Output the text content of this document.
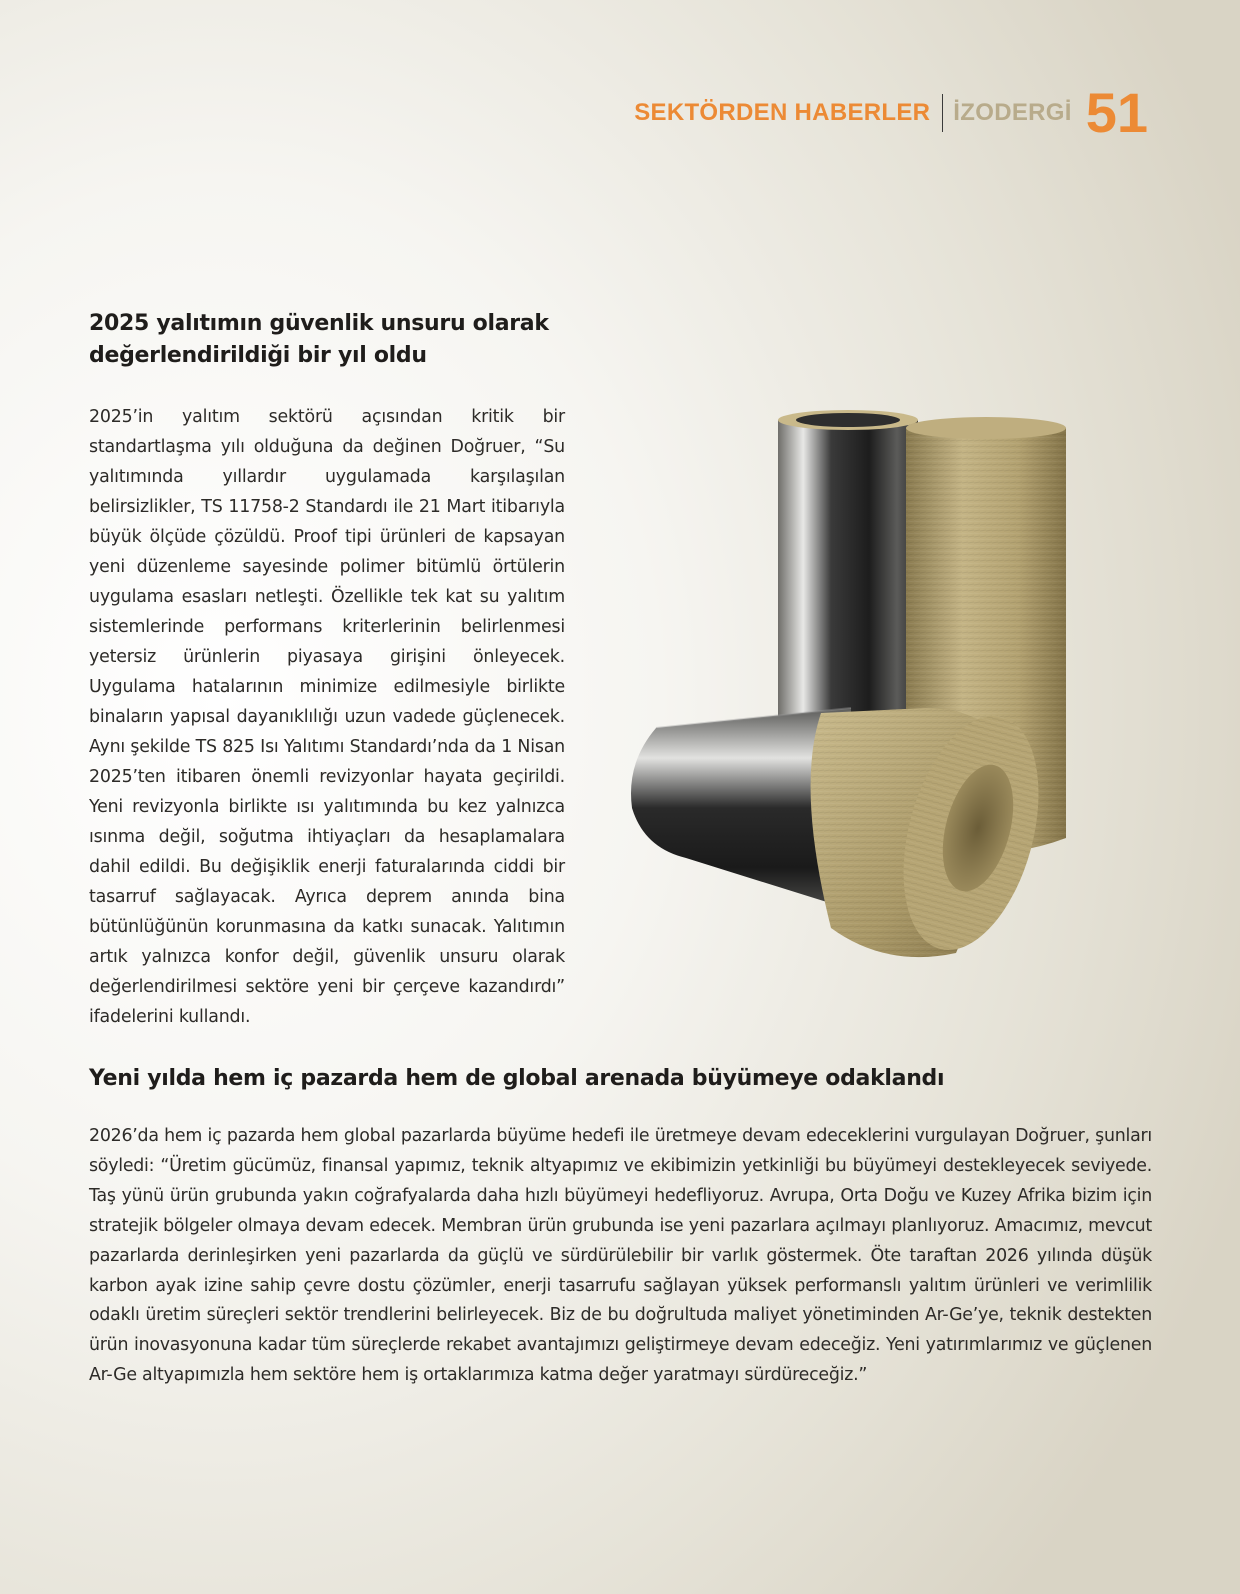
SEKTÖRDEN HABERLER İZODERGİ 51
2025 yalıtımın güvenlik unsuru olarak değerlendirildiği bir yıl oldu

2025’in yalıtım sektörü açısından kritik bir standartlaşma yılı olduğuna da değinen Doğruer, “Su yalıtımında yıllardır uygulamada karşılaşılan belirsizlikler, TS 11758-2 Standardı ile 21 Mart itibarıyla büyük ölçüde çözüldü. Proof tipi ürünleri de kapsayan yeni düzenleme sayesinde polimer bitümlü örtülerin uygulama esasları netleşti. Özellikle tek kat su yalıtım sistemlerinde performans kriterlerinin belirlenmesi yetersiz ürünlerin piyasaya girişini önleyecek. Uygulama hatalarının minimize edilmesiyle birlikte binaların yapısal dayanıklılığı uzun vadede güçlenecek. Aynı şekilde TS 825 Isı Yalıtımı Standardı’nda da 1 Nisan 2025’ten itibaren önemli revizyonlar hayata geçirildi. Yeni revizyonla birlikte ısı yalıtımında bu kez yalnızca ısınma değil, soğutma ihtiyaçları da hesaplamalara dahil edildi. Bu değişiklik enerji faturalarında ciddi bir tasarruf sağlayacak. Ayrıca deprem anında bina bütünlüğünün korunmasına da katkı sunacak. Yalıtımın artık yalnızca konfor değil, güvenlik unsuru olarak değerlendirilmesi sektöre yeni bir çerçeve kazandırdı” ifadelerini kullandı.

Yeni yılda hem iç pazarda hem de global arenada büyümeye odaklandı

2026’da hem iç pazarda hem global pazarlarda büyüme hedefi ile üretmeye devam edeceklerini vurgulayan Doğruer, şunları söyledi: “Üretim gücümüz, finansal yapımız, teknik altyapımız ve ekibimizin yetkinliği bu büyümeyi destekleyecek seviyede. Taş yünü ürün grubunda yakın coğrafyalarda daha hızlı büyümeyi hedefliyoruz. Avrupa, Orta Doğu ve Kuzey Afrika bizim için stratejik bölgeler olmaya devam edecek. Membran ürün grubunda ise yeni pazarlara açılmayı planlıyoruz. Amacımız, mevcut pazarlarda derinleşirken yeni pazarlarda da güçlü ve sürdürülebilir bir varlık göstermek. Öte taraftan 2026 yılında düşük karbon ayak izine sahip çevre dostu çözümler, enerji tasarrufu sağlayan yüksek performanslı yalıtım ürünleri ve verimlilik odaklı üretim süreçleri sektör trendlerini belirleyecek. Biz de bu doğrultuda maliyet yönetiminden Ar-Ge’ye, teknik destekten ürün inovasyonuna kadar tüm süreçlerde rekabet avantajımızı geliştirmeye devam edeceğiz. Yeni yatırımlarımız ve güçlenen Ar-Ge altyapımızla hem sektöre hem iş ortaklarımıza katma değer yaratmayı sürdüreceğiz.”
